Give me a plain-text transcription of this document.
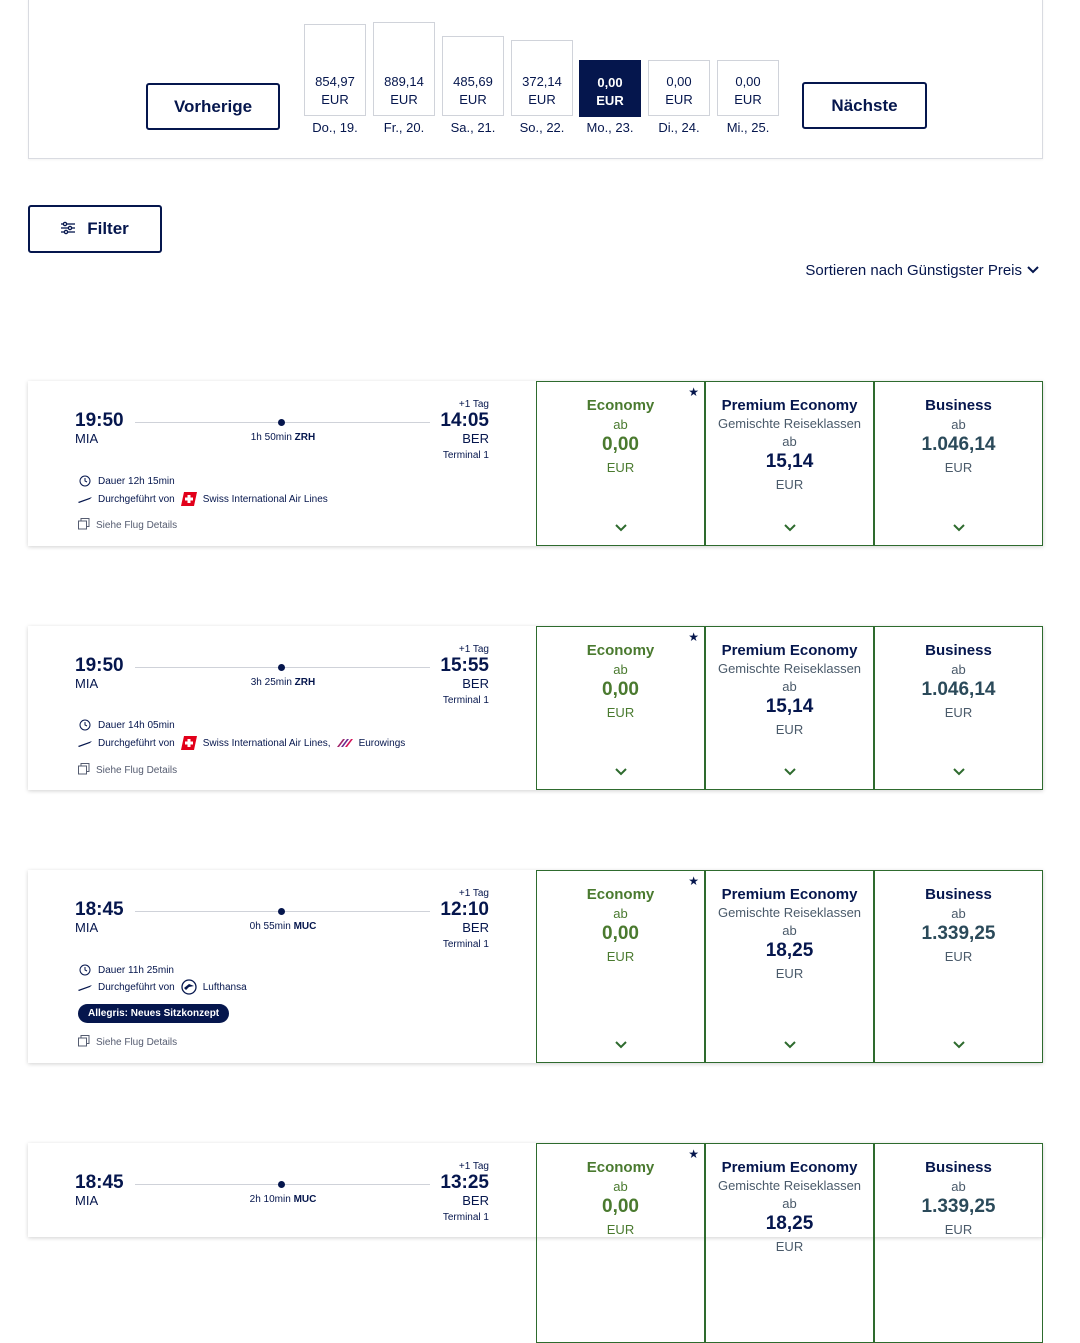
Vorherige
854,97
EUR
Do., 19.
889,14
EUR
Fr., 20.
485,69
EUR
Sa., 21.
372,14
EUR
So., 22.
0,00
EUR
Mo., 23.
0,00
EUR
Di., 24.
0,00
EUR
Mi., 25.
Nächste
Filter
Sortieren nach Günstigster Preis
19:50
MIA	1h 50min ZRH
+1 Tag
14:05
BER
Terminal 1
Dauer 12h 15min
Durchgeführt von	Swiss International Air Lines
Siehe Flug Details
★
Economy
ab
0,00
EUR
Premium Economy
Gemischte Reiseklassen
ab
15,14
EUR
Business
ab
1.046,14
EUR
19:50
MIA	3h 25min ZRH
+1 Tag
15:55
BER
Terminal 1
Dauer 14h 05min
Durchgeführt von	Swiss International Air Lines,	Eurowings
Siehe Flug Details
★
Economy
ab
0,00
EUR
Premium Economy
Gemischte Reiseklassen
ab
15,14
EUR
Business
ab
1.046,14
EUR
18:45
MIA	0h 55min MUC
+1 Tag
12:10
BER
Terminal 1
Dauer 11h 25min
Durchgeführt von	Lufthansa
Allegris: Neues Sitzkonzept
Siehe Flug Details
★
Economy
ab
0,00
EUR
Premium Economy
Gemischte Reiseklassen
ab
18,25
EUR
Business
ab
1.339,25
EUR
18:45
MIA	2h 10min MUC
+1 Tag
13:25
BER
Terminal 1
★
Economy
ab
0,00
EUR
Premium Economy
Gemischte Reiseklassen
ab
18,25
EUR
Business
ab
1.339,25
EUR
